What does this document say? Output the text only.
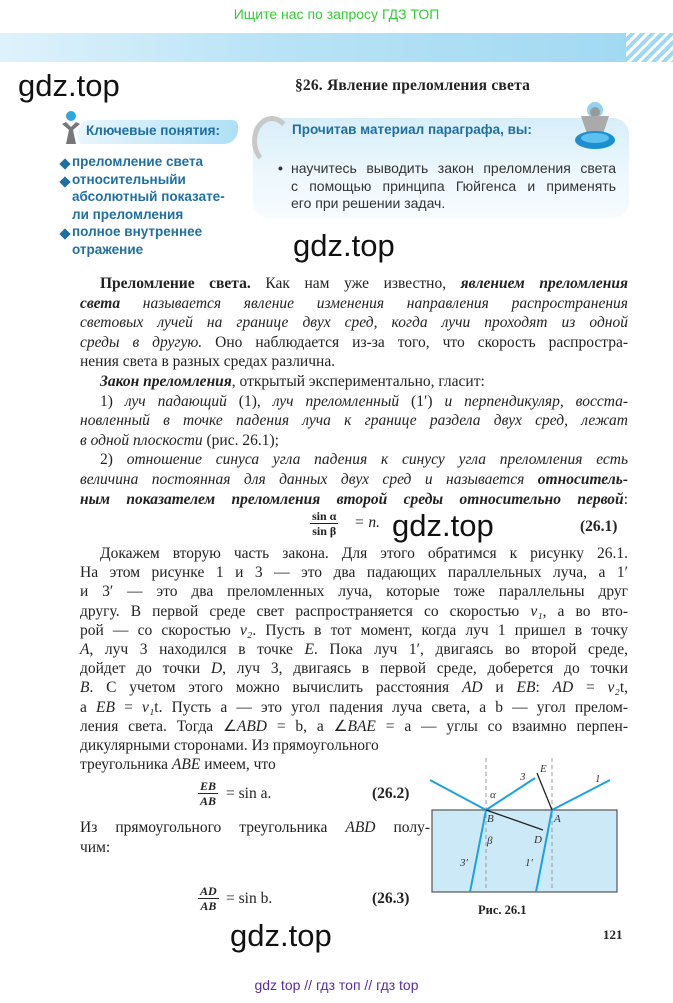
Ищите нас по запросу ГДЗ ТОП
gdz.top	§26. Явление преломления света
Ключевые понятия:
преломление света
относительныйи
абсолютный показате-
ли преломления
полное внутреннее
отражение
Прочитав материал параграфа, вы:
• научитесь выводить закон преломления света
с помощью принципа Гюйгенса и применять
его при решении задач.
gdz.top
Преломление света. Как нам уже известно, явлением преломления
света называется явление изменения направления распространения
световых лучей на границе двух сред, когда лучи проходят из одной
среды в другую. Оно наблюдается из-за того, что скорость распростра-
нения света в разных средах различна.
Закон преломления, открытый экспериментально, гласит:
1) луч падающий (1), луч преломленный (1′) и перпендикуляр, восста-
новленный в точке падения луча к границе раздела двух сред, лежат
в одной плоскости (рис. 26.1);
2) отношение синуса угла падения к синусу угла преломления есть
величина постоянная для данных двух сред и называется относитель-
ным показателем преломления второй среды относительно первой:
Докажем вторую часть закона. Для этого обратимся к рисунку 26.1.
На этом рисунке 1 и 3 — это два падающих параллельных луча, а 1′
и 3′ — это два преломленных луча, которые тоже параллельны друг
другу. В первой среде свет распространяется со скоростью v₁, а во вто-
рой — со скоростью v₂. Пусть в тот момент, когда луч 1 пришел в точку
A, луч 3 находился в точке E. Пока луч 1′, двигаясь во второй среде,
дойдет до точки D, луч 3, двигаясь в первой среде, доберется до точки
B. С учетом этого можно вычислить расстояния AD и EB: AD = v₂t,
а EB = v₁t. Пусть a — это угол падения луча света, а b — угол прелом-
ления света. Тогда ∠ABD = b, а ∠BAE = a — углы со взаимно перпен-
дикулярными сторонами. Из прямоугольного
треугольника ABE имеем, что
Из прямоугольного треугольника ABD полу-
чим:
$\frac{\text{sin α}}{\text{sin β}} = n$. gdz.top	(26.1)
$\frac{EB}{AB} = \sin a$.	(26.2)
$\frac{AD}{AB} = \sin b$.	(26.3)
E
3	1
B	A
D
3′	1′
α
β
Рис. 26.1
gdz.top	121
gdz top // гдз топ // гдз top
